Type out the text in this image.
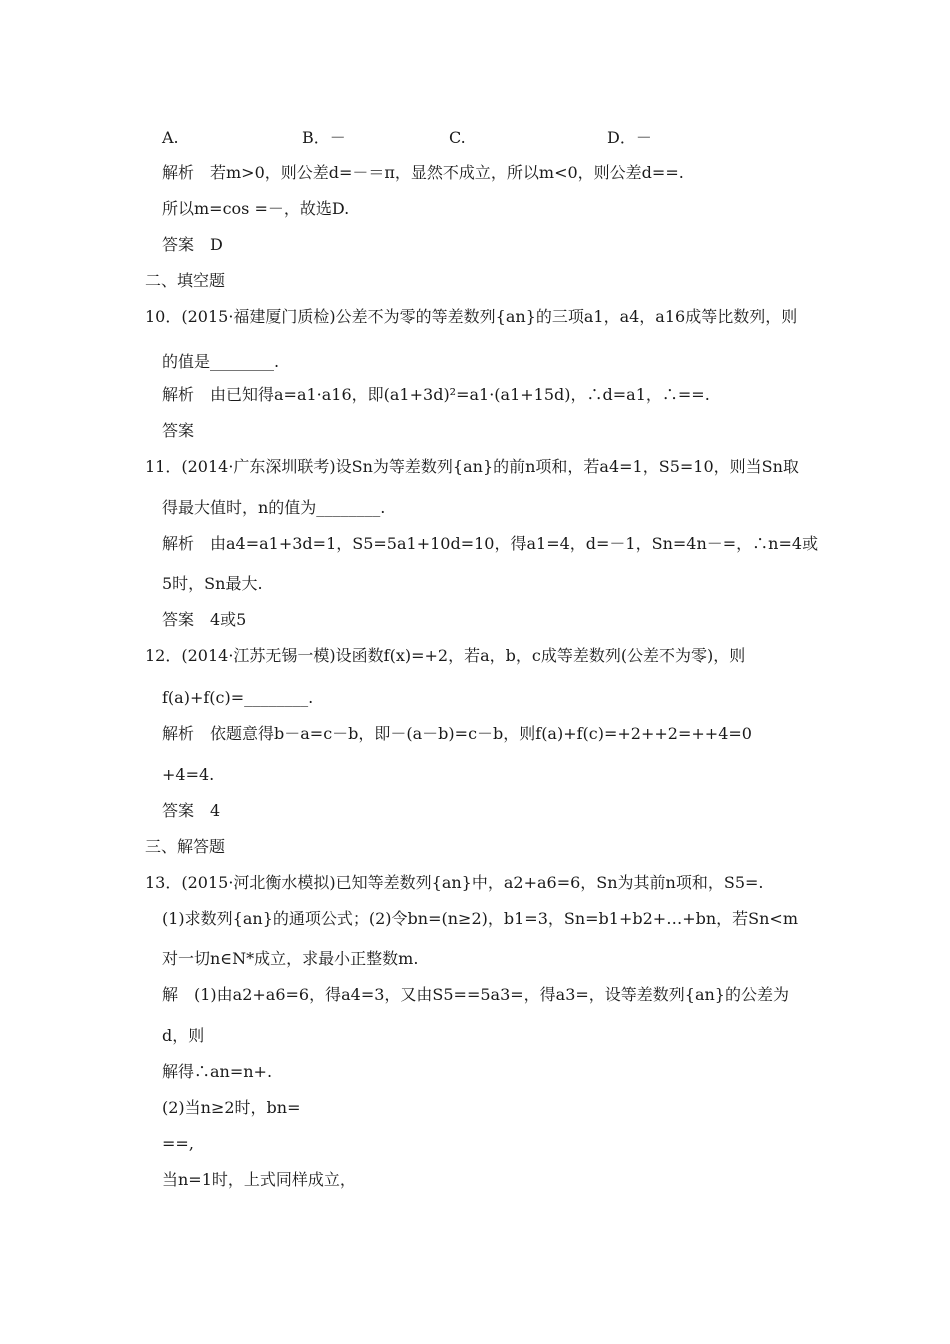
A.	B．－	C.	D．－
解析　若m>0，则公差d=－＝π，显然不成立，所以m<0，则公差d==.
所以m=cos =－，故选D.
答案　D
二、填空题
10．(2015·福建厦门质检)公差不为零的等差数列{an}的三项a1，a4，a16成等比数列，则
的值是________.
解析　由已知得a=a1·a16，即(a1+3d)²=a1·(a1+15d)，∴d=a1，∴==.
答案
11．(2014·广东深圳联考)设Sn为等差数列{an}的前n项和，若a4=1，S5=10，则当Sn取
得最大值时，n的值为________.
解析　由a4=a1+3d=1，S5=5a1+10d=10，得a1=4，d=－1，Sn=4n－=，∴n=4或
5时，Sn最大.
答案　4或5
12．(2014·江苏无锡一模)设函数f(x)=+2，若a，b，c成等差数列(公差不为零)，则
f(a)+f(c)=________.
解析　依题意得b－a=c－b，即－(a－b)=c－b，则f(a)+f(c)=+2++2=++4=0
+4=4.
答案　4
三、解答题
13．(2015·河北衡水模拟)已知等差数列{an}中，a2+a6=6，Sn为其前n项和，S5=.
(1)求数列{an}的通项公式；(2)令bn=(n≥2)，b1=3，Sn=b1+b2+…+bn，若Sn<m
对一切n∈N*成立，求最小正整数m.
解　(1)由a2+a6=6，得a4=3，又由S5==5a3=，得a3=，设等差数列{an}的公差为
d，则
解得∴an=n+.
(2)当n≥2时，bn=
==,
当n=1时，上式同样成立，
